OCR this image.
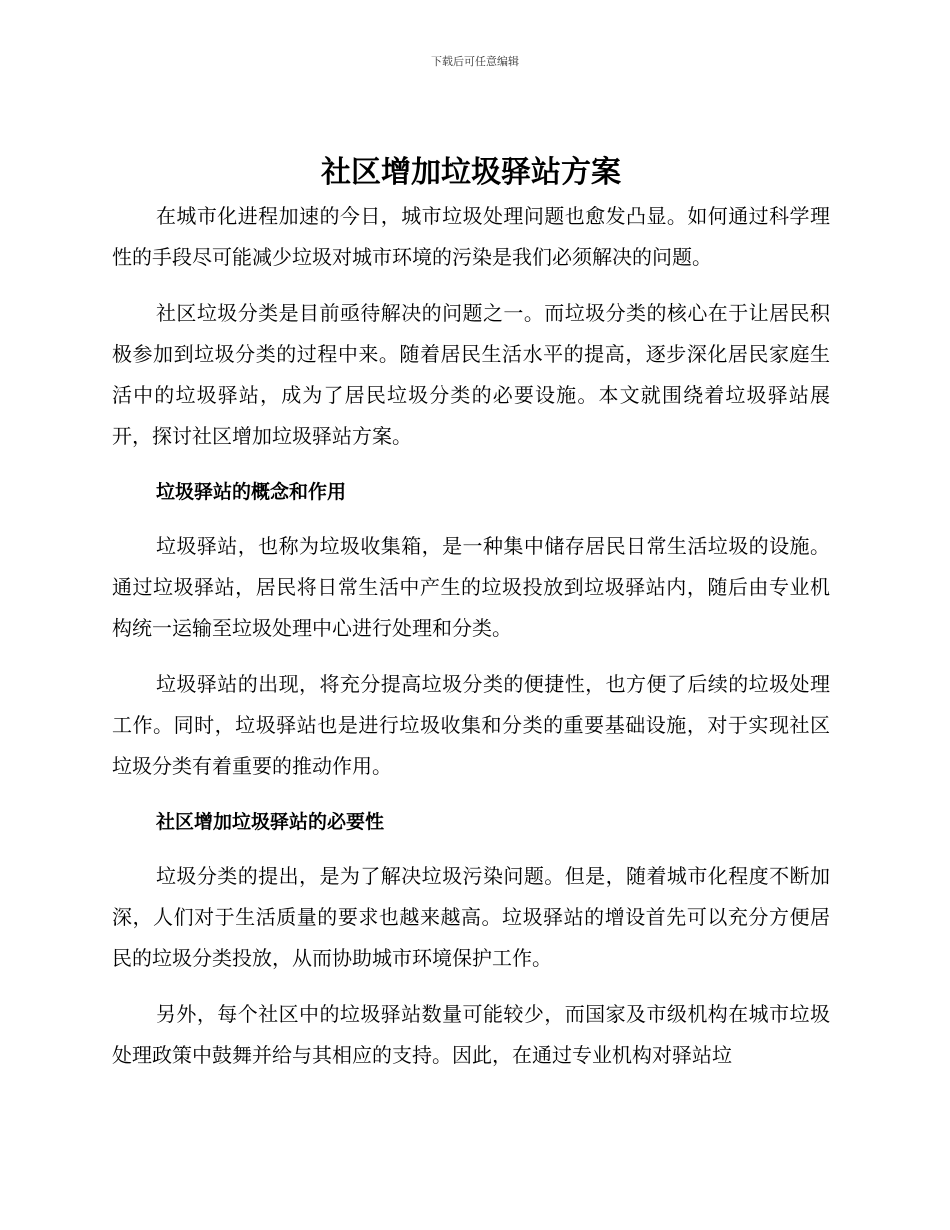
下载后可任意编辑
社区增加垃圾驿站方案

在城市化进程加速的今日，城市垃圾处理问题也愈发凸显。如何通过科学理性的手段尽可能减少垃圾对城市环境的污染是我们必须解决的问题。

社区垃圾分类是目前亟待解决的问题之一。而垃圾分类的核心在于让居民积极参加到垃圾分类的过程中来。随着居民生活水平的提高，逐步深化居民家庭生活中的垃圾驿站，成为了居民垃圾分类的必要设施。本文就围绕着垃圾驿站展开，探讨社区增加垃圾驿站方案。

垃圾驿站的概念和作用

垃圾驿站，也称为垃圾收集箱，是一种集中储存居民日常生活垃圾的设施。通过垃圾驿站，居民将日常生活中产生的垃圾投放到垃圾驿站内，随后由专业机构统一运输至垃圾处理中心进行处理和分类。

垃圾驿站的出现，将充分提高垃圾分类的便捷性，也方便了后续的垃圾处理工作。同时，垃圾驿站也是进行垃圾收集和分类的重要基础设施，对于实现社区垃圾分类有着重要的推动作用。

社区增加垃圾驿站的必要性

垃圾分类的提出，是为了解决垃圾污染问题。但是，随着城市化程度不断加深，人们对于生活质量的要求也越来越高。垃圾驿站的增设首先可以充分方便居民的垃圾分类投放，从而协助城市环境保护工作。

另外，每个社区中的垃圾驿站数量可能较少，而国家及市级机构在城市垃圾处理政策中鼓舞并给与其相应的支持。因此，在通过专业机构对驿站垃
